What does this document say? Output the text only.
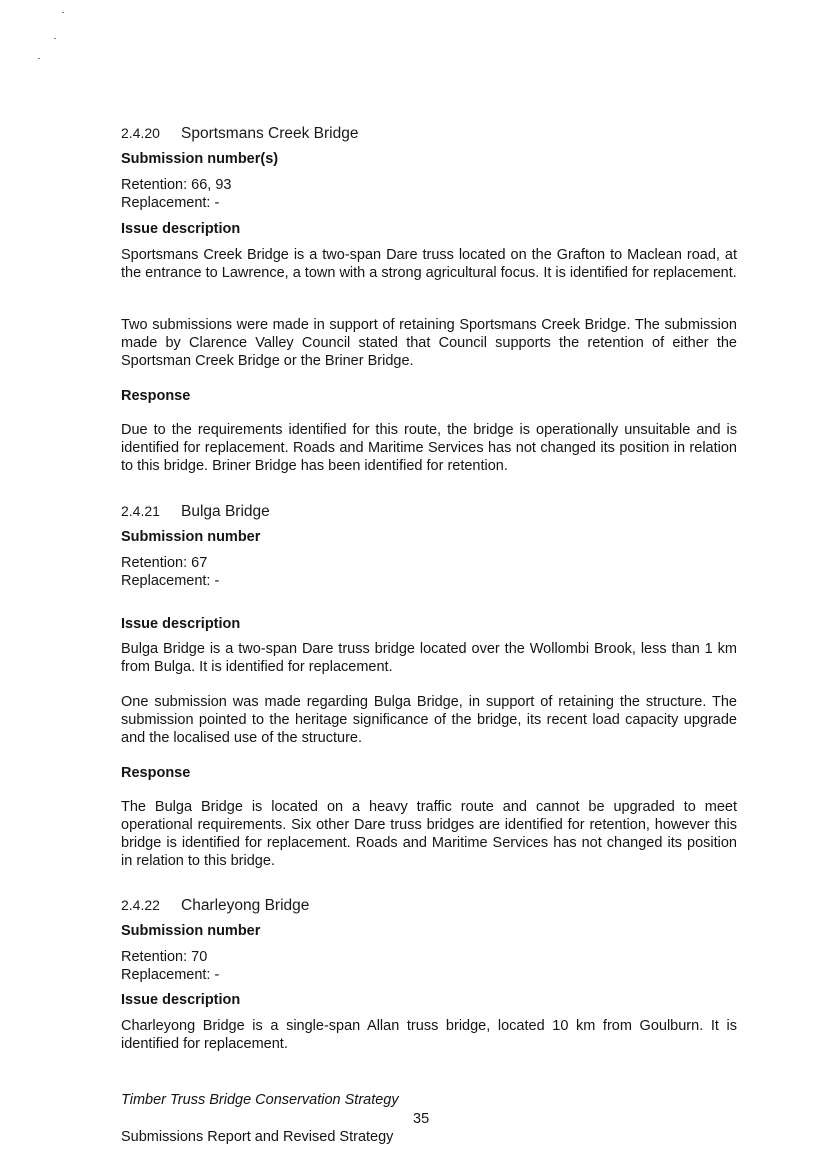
2.4.20 Sportsmans Creek Bridge

Submission number(s)

Retention: 66, 93
Replacement: -

Issue description

Sportsmans Creek Bridge is a two-span Dare truss located on the Grafton to Maclean road, at the entrance to Lawrence, a town with a strong agricultural focus. It is identified for replacement.

Two submissions were made in support of retaining Sportsmans Creek Bridge. The submission made by Clarence Valley Council stated that Council supports the retention of either the Sportsman Creek Bridge or the Briner Bridge.

Response

Due to the requirements identified for this route, the bridge is operationally unsuitable and is identified for replacement. Roads and Maritime Services has not changed its position in relation to this bridge. Briner Bridge has been identified for retention.

2.4.21 Bulga Bridge

Submission number

Retention: 67
Replacement: -

Issue description

Bulga Bridge is a two-span Dare truss bridge located over the Wollombi Brook, less than 1 km from Bulga. It is identified for replacement.

One submission was made regarding Bulga Bridge, in support of retaining the structure. The submission pointed to the heritage significance of the bridge, its recent load capacity upgrade and the localised use of the structure.

Response

The Bulga Bridge is located on a heavy traffic route and cannot be upgraded to meet operational requirements. Six other Dare truss bridges are identified for retention, however this bridge is identified for replacement. Roads and Maritime Services has not changed its position in relation to this bridge.

2.4.22 Charleyong Bridge

Submission number

Retention: 70
Replacement: -

Issue description

Charleyong Bridge is a single-span Allan truss bridge, located 10 km from Goulburn. It is identified for replacement.

Timber Truss Bridge Conservation Strategy

35

Submissions Report and Revised Strategy
